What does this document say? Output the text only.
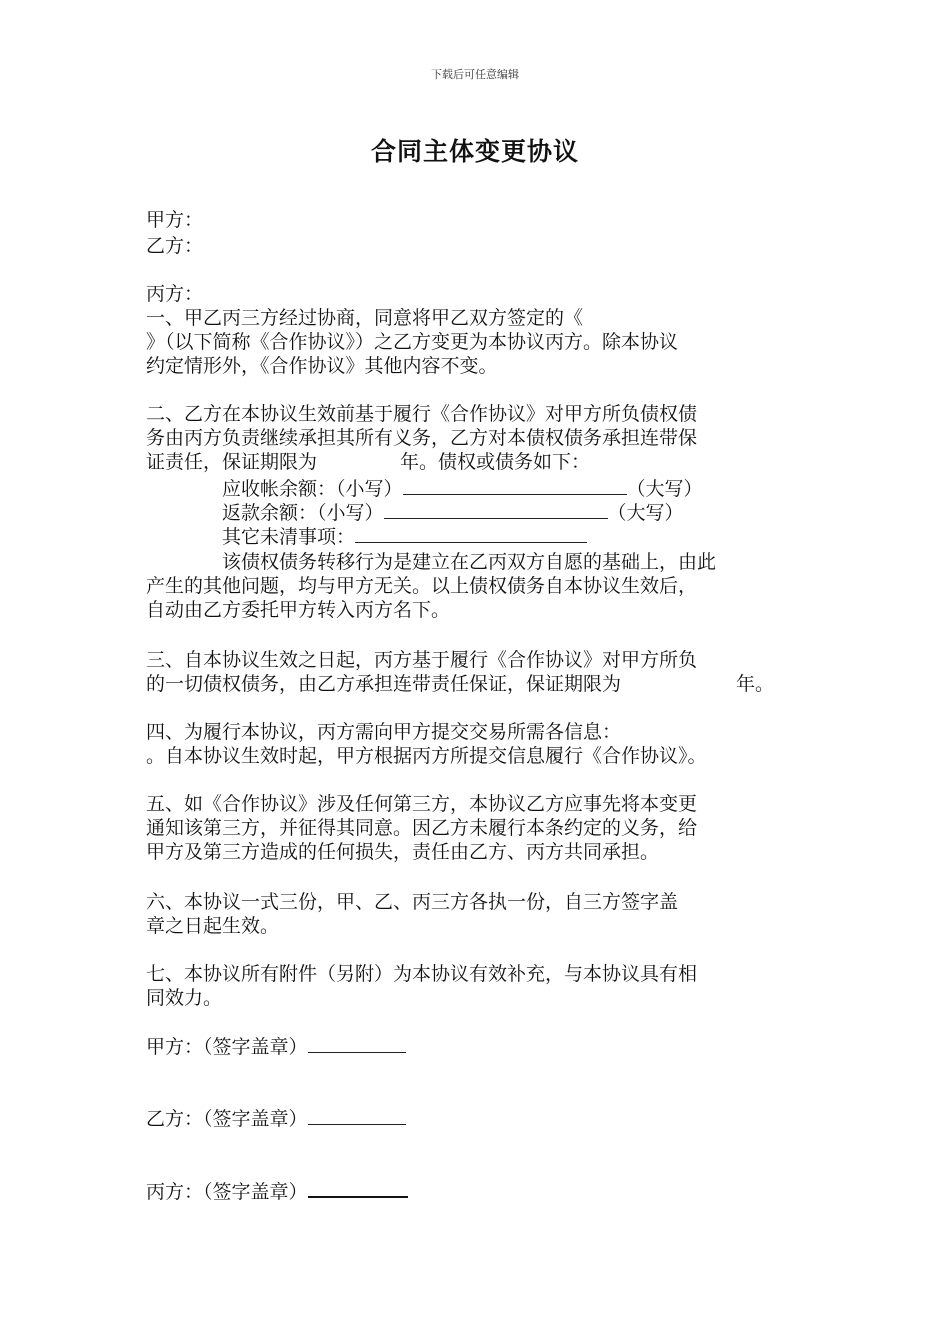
下载后可任意编辑
合同主体变更协议
甲方：
乙方：
丙方：
一、甲乙丙三方经过协商，同意将甲乙双方签定的《
》（以下简称《合作协议》）之乙方变更为本协议丙方。除本协议
约定情形外，《合作协议》其他内容不变。
二、乙方在本协议生效前基于履行《合作协议》对甲方所负债权债
务由丙方负责继续承担其所有义务，乙方对本债权债务承担连带保
证责任，保证期限为	年。债权或债务如下：
应收帐余额：（小写）	（大写）
返款余额：（小写）	（大写）
其它未清事项：
该债权债务转移行为是建立在乙丙双方自愿的基础上，由此
产生的其他问题，均与甲方无关。以上债权债务自本协议生效后，
自动由乙方委托甲方转入丙方名下。
三、自本协议生效之日起，丙方基于履行《合作协议》对甲方所负
的一切债权债务，由乙方承担连带责任保证，保证期限为	年。
四、为履行本协议，丙方需向甲方提交交易所需各信息：
。自本协议生效时起，甲方根据丙方所提交信息履行《合作协议》。
五、如《合作协议》涉及任何第三方，本协议乙方应事先将本变更
通知该第三方，并征得其同意。因乙方未履行本条约定的义务，给
甲方及第三方造成的任何损失，责任由乙方、丙方共同承担。
六、本协议一式三份，甲、乙、丙三方各执一份，自三方签字盖
章之日起生效。
七、本协议所有附件（另附）为本协议有效补充，与本协议具有相
同效力。
甲方：（签字盖章）
乙方：（签字盖章）
丙方：（签字盖章）
